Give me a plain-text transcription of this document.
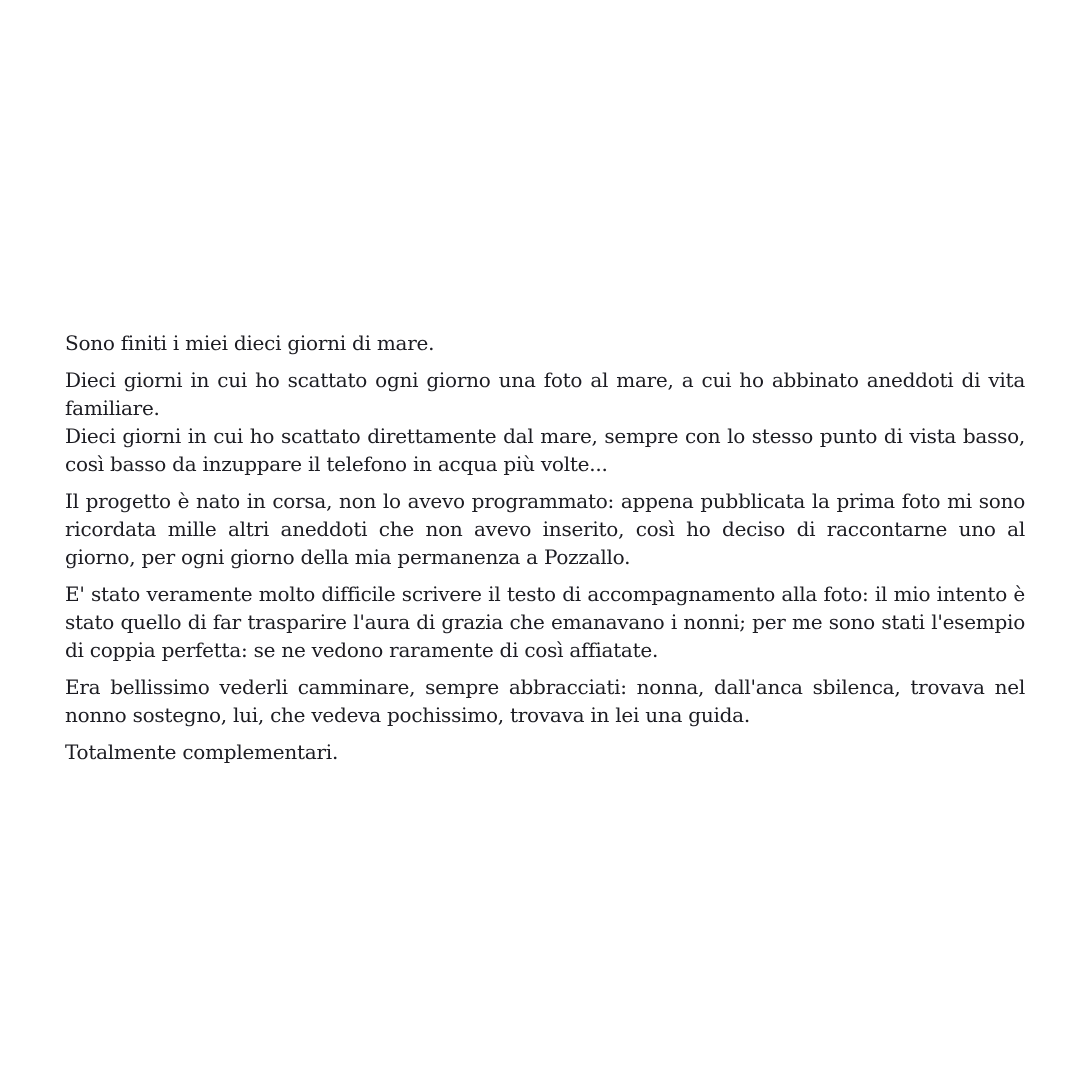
Sono finiti i miei dieci giorni di mare.

Dieci giorni in cui ho scattato ogni giorno una foto al mare, a cui ho abbinato aneddoti di vita familiare.
Dieci giorni in cui ho scattato direttamente dal mare, sempre con lo stesso punto di vista basso, così basso da inzuppare il telefono in acqua più volte...

Il progetto è nato in corsa, non lo avevo programmato: appena pubblicata la prima foto mi sono ricordata mille altri aneddoti che non avevo inserito, così ho deciso di raccontarne uno al giorno, per ogni giorno della mia permanenza a Pozzallo.

E' stato veramente molto difficile scrivere il testo di accompagnamento alla foto: il mio intento è stato quello di far trasparire l'aura di grazia che emanavano i nonni; per me sono stati l'esempio di coppia perfetta: se ne vedono raramente di così affiatate.

Era bellissimo vederli camminare, sempre abbracciati: nonna, dall'anca sbilenca, trovava nel nonno sostegno, lui, che vedeva pochissimo, trovava in lei una guida.

Totalmente complementari.
